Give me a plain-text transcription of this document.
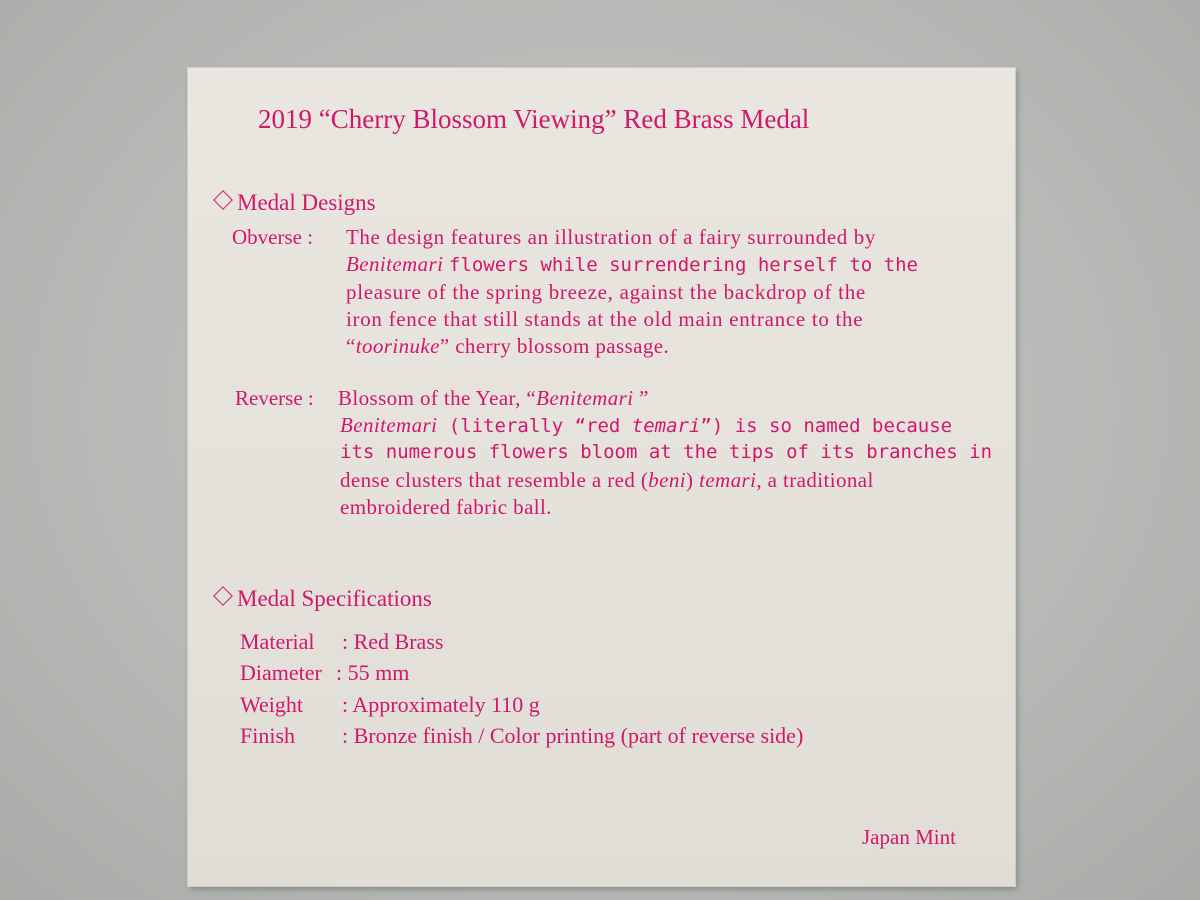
2019 “Cherry Blossom Viewing” Red Brass Medal
Medal Designs
Obverse : The design features an illustration of a fairy surrounded by
Benitemari flowers while surrendering herself to the
pleasure of the spring breeze, against the backdrop of the
iron fence that still stands at the old main entrance to the
“toorinuke” cherry blossom passage.
Reverse : Blossom of the Year, “Benitemari ”
Benitemari (literally “red temari”) is so named because
its numerous flowers bloom at the tips of its branches in
dense clusters that resemble a red (beni) temari, a traditional
embroidered fabric ball.
Medal Specifications
Material : Red Brass
Diameter : 55 mm
Weight : Approximately 110 g
Finish : Bronze finish / Color printing (part of reverse side)
Japan Mint
